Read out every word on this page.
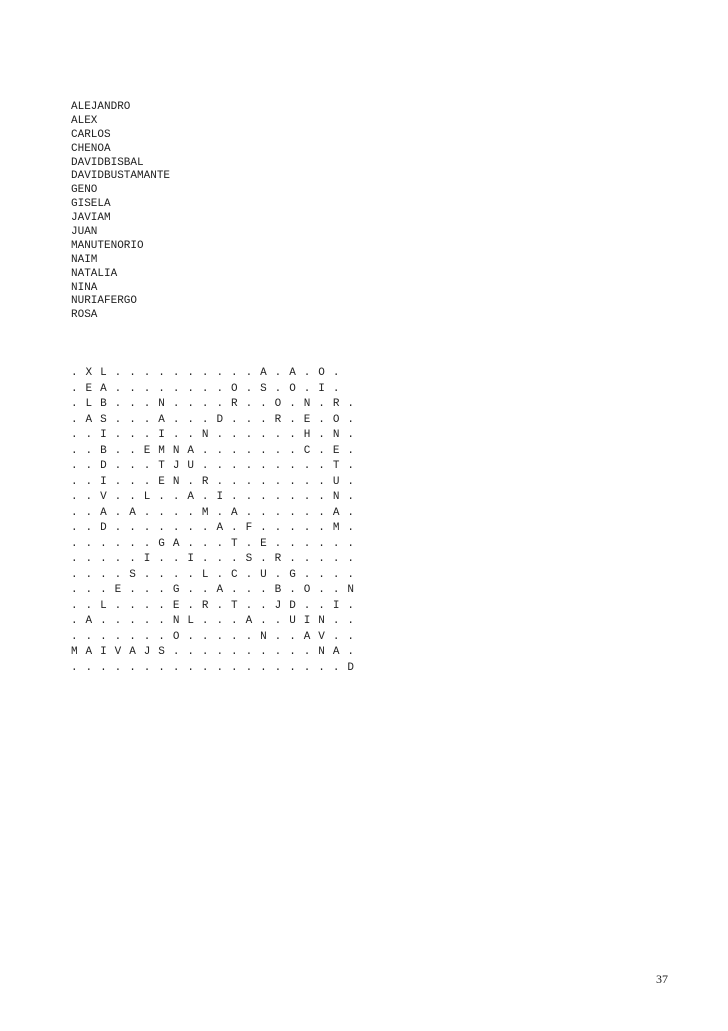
ALEJANDRO
ALEX
CARLOS
CHENOA
DAVIDBISBAL
DAVIDBUSTAMANTE
GENO
GISELA
JAVIAM
JUAN
MANUTENORIO
NAIM
NATALIA
NINA
NURIAFERGO
ROSA
. X L . . . . . . . . . . A . A . O .
. E A . . . . . . . . O . S . O . I .
. L B . . . N . . . . R . . O . N . R .
. A S . . . A . . . D . . . R . E . O .
. . I . . . I . . N . . . . . . H . N .
. . B . . E M N A . . . . . . . C . E .
. . D . . . T J U . . . . . . . . . T .
. . I . . . E N . R . . . . . . . . U .
. . V . . L . . A . I . . . . . . . N .
. . A . A . . . . M . A . . . . . . A .
. . D . . . . . . . A . F . . . . . M .
. . . . . . G A . . . T . E . . . . . .
. . . . . I . . I . . . S . R . . . . .
. . . . S . . . . L . C . U . G . . . .
. . . E . . . G . . A . . . B . O . . N
. . L . . . . E . R . T . . J D . . I .
. A . . . . . N L . . . A . . U I N . .
. . . . . . . O . . . . . N . . A V . .
M A I V A J S . . . . . . . . . . N A .
. . . . . . . . . . . . . . . . . . . D
37
